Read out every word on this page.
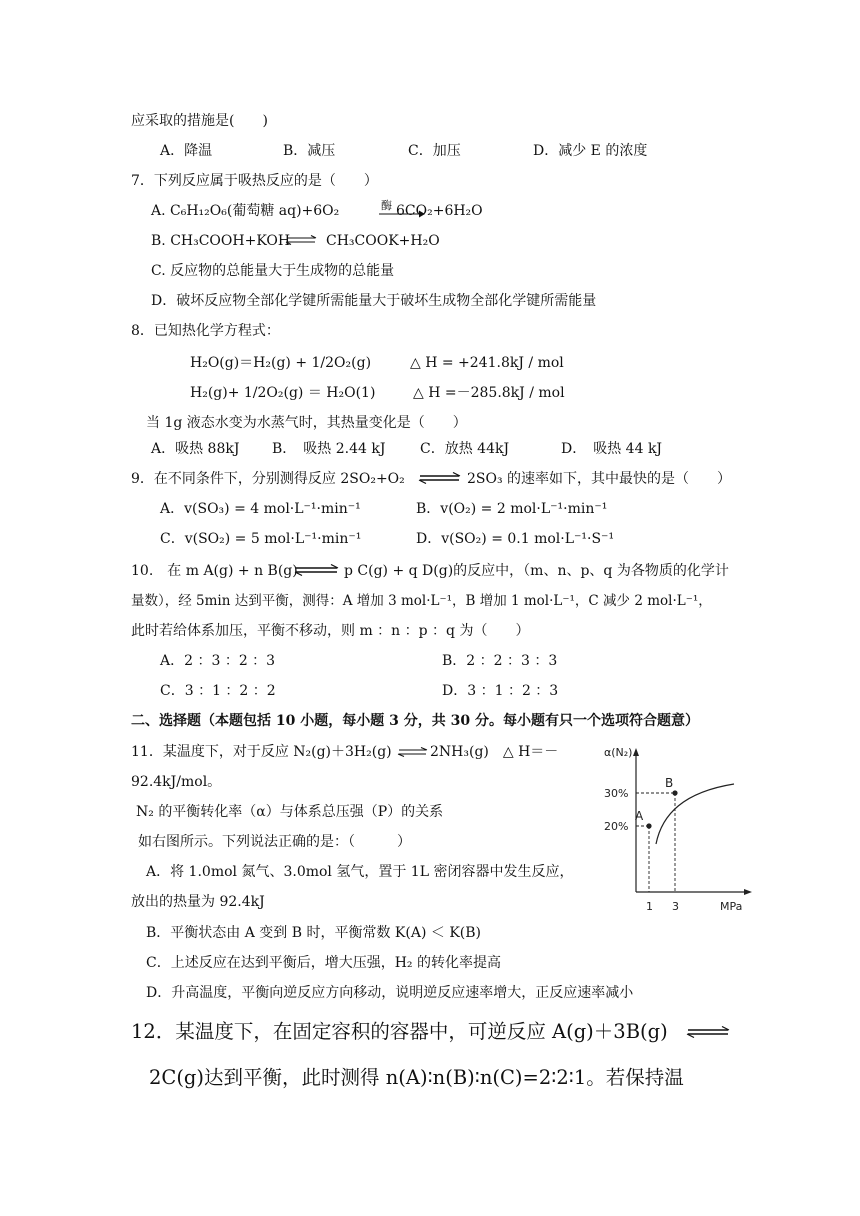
应采取的措施是(　　)
A．降温	B．减压	C．加压	D．减少 E 的浓度
7．下列反应属于吸热反应的是（　　）
A. C₆H₁₂O₆(葡萄糖 aq)+6O₂	酶 6CO₂+6H₂O
B. CH₃COOH+KOH ⇌ CH₃COOK+H₂O
C. 反应物的总能量大于生成物的总能量
D．破坏反应物全部化学键所需能量大于破坏生成物全部化学键所需能量
8．已知热化学方程式：
H₂O(g)＝H₂(g) + 1/2O₂(g)	△ H = +241.8kJ / mol
H₂(g)+ 1/2O₂(g) ＝ H₂O(1)	△ H =－285.8kJ / mol
当 1g 液态水变为水蒸气时，其热量变化是（　　）
A．吸热 88kJ B．　吸热 2.44 kJ C．放热 44kJ	D．　吸热 44 kJ
9．在不同条件下，分别测得反应 2SO₂+O₂ ⇌ 2SO₃ 的速率如下，其中最快的是（　　）
A．v(SO₃) = 4 mol·L⁻¹·min⁻¹	B．v(O₂) = 2 mol·L⁻¹·min⁻¹
C．v(SO₂) = 5 mol·L⁻¹·min⁻¹	D．v(SO₂) = 0.1 mol·L⁻¹·S⁻¹
10.　在 m A(g) + n B(g) ⇌ p C(g) + q D(g)的反应中，（m、n、p、q 为各物质的化学计
量数），经 5min 达到平衡，测得：A 增加 3 mol·L⁻¹，B 增加 1 mol·L⁻¹，C 减少 2 mol·L⁻¹，
此时若给体系加压，平衡不移动，则 m ：n ：p ：q 为（　　）
A．2 ：3 ：2 ：3	B．2 ：2 ：3 ：3
C．3 ：1 ：2 ：2	D．3 ：1 ：2 ：3
二、选择题（本题包括 10 小题，每小题 3 分，共 30 分。每小题有只一个选项符合题意）
11．某温度下，对于反应 N₂(g)＋3H₂(g) ⇌ 2NH₃(g)　△ H＝－
92.4kJ/mol。
N₂ 的平衡转化率（α）与体系总压强（P）的关系
如右图所示。下列说法正确的是：（　　　）
A．将 1.0mol 氮气、3.0mol 氢气，置于 1L 密闭容器中发生反应，
放出的热量为 92.4kJ
B．平衡状态由 A 变到 B 时，平衡常数 K(A) ＜ K(B)
C．上述反应在达到平衡后，增大压强，H₂ 的转化率提高
D．升高温度，平衡向逆反应方向移动，说明逆反应速率增大，正反应速率减小
α(N₂)
MPa
A
B
20%
30%
1 3
12．某温度下，在固定容积的容器中，可逆反应 A(g)＋3B(g) ⇌
2C(g)达到平衡，此时测得 n(A)∶n(B)∶n(C)=2∶2∶1。若保持温
